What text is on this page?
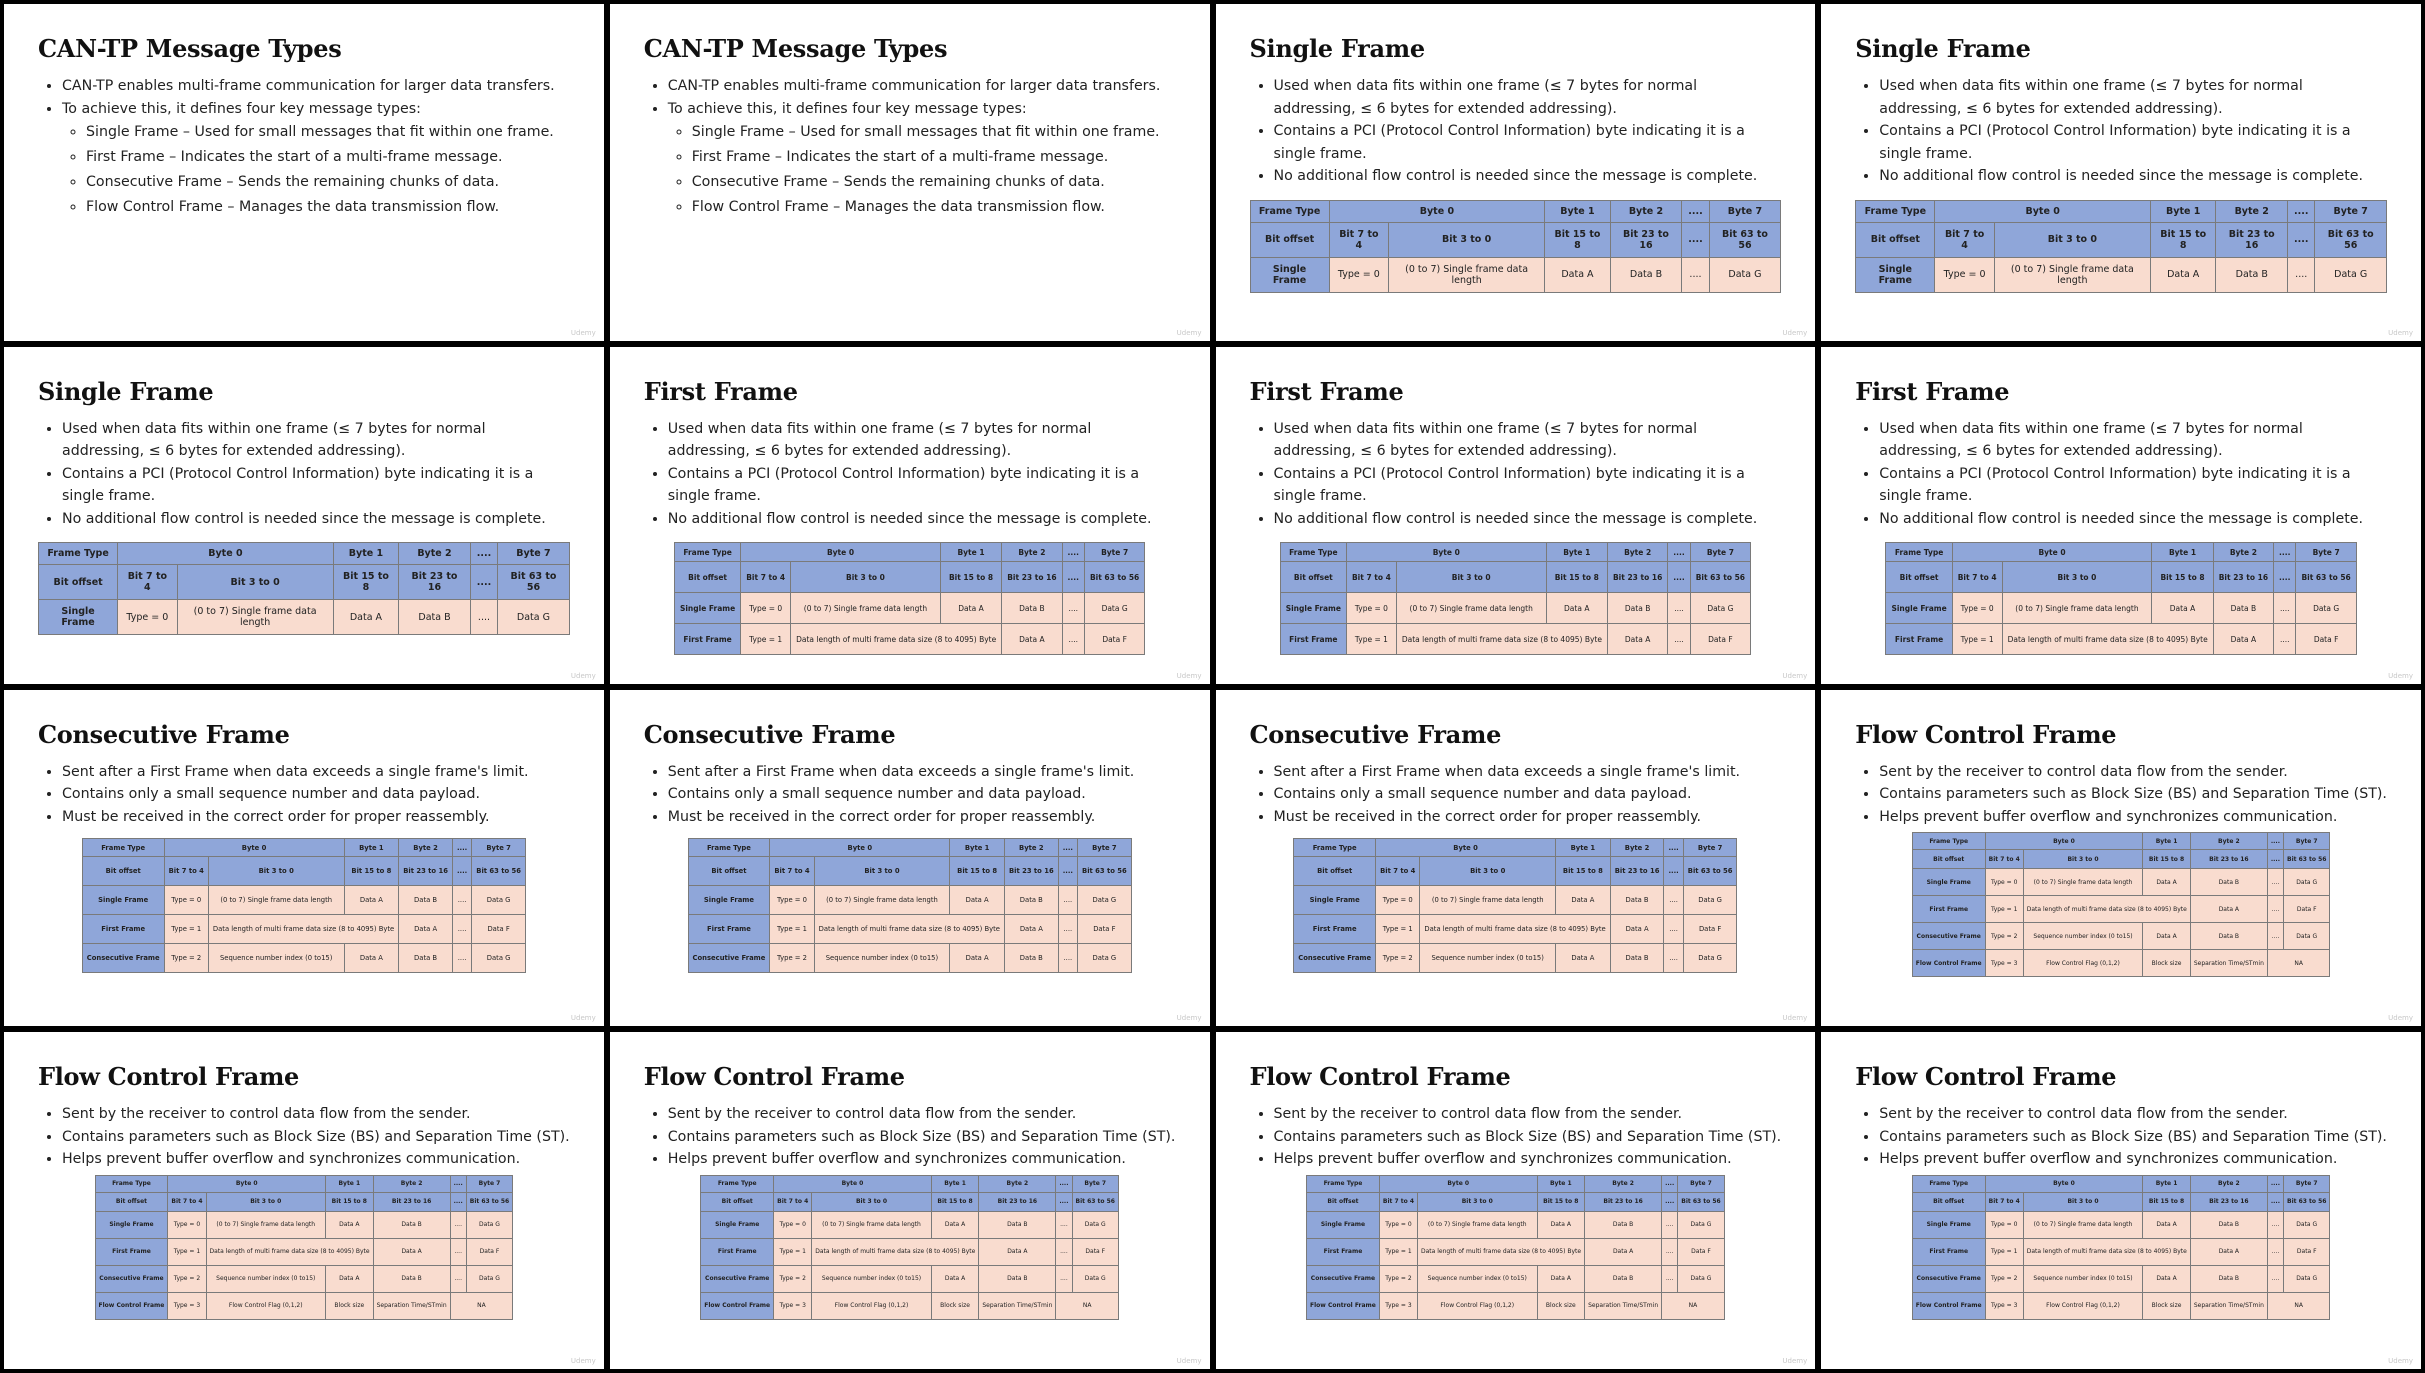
CAN-TP Message Types
• CAN-TP enables multi-frame communication for larger data transfers.
• To achieve this, it defines four key message types:
◦ Single Frame – Used for small messages that fit within one frame.
◦ First Frame – Indicates the start of a multi-frame message.
◦ Consecutive Frame – Sends the remaining chunks of data.
◦ Flow Control Frame – Manages the data transmission flow.
Udemy
CAN-TP Message Types
• CAN-TP enables multi-frame communication for larger data transfers.
• To achieve this, it defines four key message types:
◦ Single Frame – Used for small messages that fit within one frame.
◦ First Frame – Indicates the start of a multi-frame message.
◦ Consecutive Frame – Sends the remaining chunks of data.
◦ Flow Control Frame – Manages the data transmission flow.
Udemy
Single Frame
• Used when data fits within one frame (≤ 7 bytes for normal addressing, ≤ 6 bytes for extended addressing).
• Contains a PCI (Protocol Control Information) byte indicating it is a single frame.
• No additional flow control is needed since the message is complete.
Frame Type	Byte 0		Byte 1	Byte 2	....	Byte 7
Bit offset	Bit 7 to 4	Bit 3 to 0	Bit 15 to 8	Bit 23 to 16	....	Bit 63 to 56
Single Frame	Type = 0	(0 to 7) Single frame data length	Data A	Data B	....	Data G
Udemy
Single Frame
• Used when data fits within one frame (≤ 7 bytes for normal addressing, ≤ 6 bytes for extended addressing).
• Contains a PCI (Protocol Control Information) byte indicating it is a single frame.
• No additional flow control is needed since the message is complete.
Frame Type	Byte 0		Byte 1	Byte 2	....	Byte 7
Bit offset	Bit 7 to 4	Bit 3 to 0	Bit 15 to 8	Bit 23 to 16	....	Bit 63 to 56
Single Frame	Type = 0	(0 to 7) Single frame data length	Data A	Data B	....	Data G
Udemy
Single Frame
• Used when data fits within one frame (≤ 7 bytes for normal addressing, ≤ 6 bytes for extended addressing).
• Contains a PCI (Protocol Control Information) byte indicating it is a single frame.
• No additional flow control is needed since the message is complete.
Frame Type	Byte 0		Byte 1	Byte 2	....	Byte 7
Bit offset	Bit 7 to 4	Bit 3 to 0	Bit 15 to 8	Bit 23 to 16	....	Bit 63 to 56
Single Frame	Type = 0	(0 to 7) Single frame data length	Data A	Data B	....	Data G
Udemy
First Frame
• Used when data fits within one frame (≤ 7 bytes for normal addressing, ≤ 6 bytes for extended addressing).
• Contains a PCI (Protocol Control Information) byte indicating it is a single frame.
• No additional flow control is needed since the message is complete.
Frame Type	Byte 0		Byte 1	Byte 2	....	Byte 7
Bit offset	Bit 7 to 4	Bit 3 to 0	Bit 15 to 8	Bit 23 to 16	....	Bit 63 to 56
Single Frame	Type = 0	(0 to 7) Single frame data length	Data A	Data B	....	Data G
First Frame	Type = 1	Data length of multi frame data size (8 to 4095) Byte		Data A	....	Data F
Udemy
First Frame
• Used when data fits within one frame (≤ 7 bytes for normal addressing, ≤ 6 bytes for extended addressing).
• Contains a PCI (Protocol Control Information) byte indicating it is a single frame.
• No additional flow control is needed since the message is complete.
Frame Type	Byte 0		Byte 1	Byte 2	....	Byte 7
Bit offset	Bit 7 to 4	Bit 3 to 0	Bit 15 to 8	Bit 23 to 16	....	Bit 63 to 56
Single Frame	Type = 0	(0 to 7) Single frame data length	Data A	Data B	....	Data G
First Frame	Type = 1	Data length of multi frame data size (8 to 4095) Byte		Data A	....	Data F
Udemy
First Frame
• Used when data fits within one frame (≤ 7 bytes for normal addressing, ≤ 6 bytes for extended addressing).
• Contains a PCI (Protocol Control Information) byte indicating it is a single frame.
• No additional flow control is needed since the message is complete.
Frame Type	Byte 0		Byte 1	Byte 2	....	Byte 7
Bit offset	Bit 7 to 4	Bit 3 to 0	Bit 15 to 8	Bit 23 to 16	....	Bit 63 to 56
Single Frame	Type = 0	(0 to 7) Single frame data length	Data A	Data B	....	Data G
First Frame	Type = 1	Data length of multi frame data size (8 to 4095) Byte		Data A	....	Data F
Udemy
Consecutive Frame
• Sent after a First Frame when data exceeds a single frame's limit.
• Contains only a small sequence number and data payload.
• Must be received in the correct order for proper reassembly.
Frame Type	Byte 0		Byte 1	Byte 2	....	Byte 7
Bit offset	Bit 7 to 4	Bit 3 to 0	Bit 15 to 8	Bit 23 to 16	....	Bit 63 to 56
Single Frame	Type = 0	(0 to 7) Single frame data length	Data A	Data B	....	Data G
First Frame	Type = 1	Data length of multi frame data size (8 to 4095) Byte		Data A	....	Data F
Consecutive Frame	Type = 2	Sequence number index (0 to15)	Data A	Data B	....	Data G
Udemy
Consecutive Frame
• Sent after a First Frame when data exceeds a single frame's limit.
• Contains only a small sequence number and data payload.
• Must be received in the correct order for proper reassembly.
Frame Type	Byte 0		Byte 1	Byte 2	....	Byte 7
Bit offset	Bit 7 to 4	Bit 3 to 0	Bit 15 to 8	Bit 23 to 16	....	Bit 63 to 56
Single Frame	Type = 0	(0 to 7) Single frame data length	Data A	Data B	....	Data G
First Frame	Type = 1	Data length of multi frame data size (8 to 4095) Byte		Data A	....	Data F
Consecutive Frame	Type = 2	Sequence number index (0 to15)	Data A	Data B	....	Data G
Udemy
Consecutive Frame
• Sent after a First Frame when data exceeds a single frame's limit.
• Contains only a small sequence number and data payload.
• Must be received in the correct order for proper reassembly.
Frame Type	Byte 0		Byte 1	Byte 2	....	Byte 7
Bit offset	Bit 7 to 4	Bit 3 to 0	Bit 15 to 8	Bit 23 to 16	....	Bit 63 to 56
Single Frame	Type = 0	(0 to 7) Single frame data length	Data A	Data B	....	Data G
First Frame	Type = 1	Data length of multi frame data size (8 to 4095) Byte		Data A	....	Data F
Consecutive Frame	Type = 2	Sequence number index (0 to15)	Data A	Data B	....	Data G
Udemy
Flow Control Frame
• Sent by the receiver to control data flow from the sender.
• Contains parameters such as Block Size (BS) and Separation Time (ST).
• Helps prevent buffer overflow and synchronizes communication.
Frame Type	Byte 0		Byte 1	Byte 2	....	Byte 7
Bit offset	Bit 7 to 4	Bit 3 to 0	Bit 15 to 8	Bit 23 to 16	....	Bit 63 to 56
Single Frame	Type = 0	(0 to 7) Single frame data length	Data A	Data B	....	Data G
First Frame	Type = 1	Data length of multi frame data size (8 to 4095) Byte		Data A	....	Data F
Consecutive Frame	Type = 2	Sequence number index (0 to15)	Data A	Data B	....	Data G
Flow Control Frame	Type = 3	Flow Control Flag (0,1,2)	Block size	Separation Time/STmin	NA	
Udemy
Flow Control Frame
• Sent by the receiver to control data flow from the sender.
• Contains parameters such as Block Size (BS) and Separation Time (ST).
• Helps prevent buffer overflow and synchronizes communication.
Frame Type	Byte 0		Byte 1	Byte 2	....	Byte 7
Bit offset	Bit 7 to 4	Bit 3 to 0	Bit 15 to 8	Bit 23 to 16	....	Bit 63 to 56
Single Frame	Type = 0	(0 to 7) Single frame data length	Data A	Data B	....	Data G
First Frame	Type = 1	Data length of multi frame data size (8 to 4095) Byte		Data A	....	Data F
Consecutive Frame	Type = 2	Sequence number index (0 to15)	Data A	Data B	....	Data G
Flow Control Frame	Type = 3	Flow Control Flag (0,1,2)	Block size	Separation Time/STmin	NA	
Udemy
Flow Control Frame
• Sent by the receiver to control data flow from the sender.
• Contains parameters such as Block Size (BS) and Separation Time (ST).
• Helps prevent buffer overflow and synchronizes communication.
Frame Type	Byte 0		Byte 1	Byte 2	....	Byte 7
Bit offset	Bit 7 to 4	Bit 3 to 0	Bit 15 to 8	Bit 23 to 16	....	Bit 63 to 56
Single Frame	Type = 0	(0 to 7) Single frame data length	Data A	Data B	....	Data G
First Frame	Type = 1	Data length of multi frame data size (8 to 4095) Byte		Data A	....	Data F
Consecutive Frame	Type = 2	Sequence number index (0 to15)	Data A	Data B	....	Data G
Flow Control Frame	Type = 3	Flow Control Flag (0,1,2)	Block size	Separation Time/STmin	NA	
Udemy
Flow Control Frame
• Sent by the receiver to control data flow from the sender.
• Contains parameters such as Block Size (BS) and Separation Time (ST).
• Helps prevent buffer overflow and synchronizes communication.
Frame Type	Byte 0		Byte 1	Byte 2	....	Byte 7
Bit offset	Bit 7 to 4	Bit 3 to 0	Bit 15 to 8	Bit 23 to 16	....	Bit 63 to 56
Single Frame	Type = 0	(0 to 7) Single frame data length	Data A	Data B	....	Data G
First Frame	Type = 1	Data length of multi frame data size (8 to 4095) Byte		Data A	....	Data F
Consecutive Frame	Type = 2	Sequence number index (0 to15)	Data A	Data B	....	Data G
Flow Control Frame	Type = 3	Flow Control Flag (0,1,2)	Block size	Separation Time/STmin	NA	
Udemy
Flow Control Frame
• Sent by the receiver to control data flow from the sender.
• Contains parameters such as Block Size (BS) and Separation Time (ST).
• Helps prevent buffer overflow and synchronizes communication.
Frame Type	Byte 0		Byte 1	Byte 2	....	Byte 7
Bit offset	Bit 7 to 4	Bit 3 to 0	Bit 15 to 8	Bit 23 to 16	....	Bit 63 to 56
Single Frame	Type = 0	(0 to 7) Single frame data length	Data A	Data B	....	Data G
First Frame	Type = 1	Data length of multi frame data size (8 to 4095) Byte		Data A	....	Data F
Consecutive Frame	Type = 2	Sequence number index (0 to15)	Data A	Data B	....	Data G
Flow Control Frame	Type = 3	Flow Control Flag (0,1,2)	Block size	Separation Time/STmin	NA	
Udemy
